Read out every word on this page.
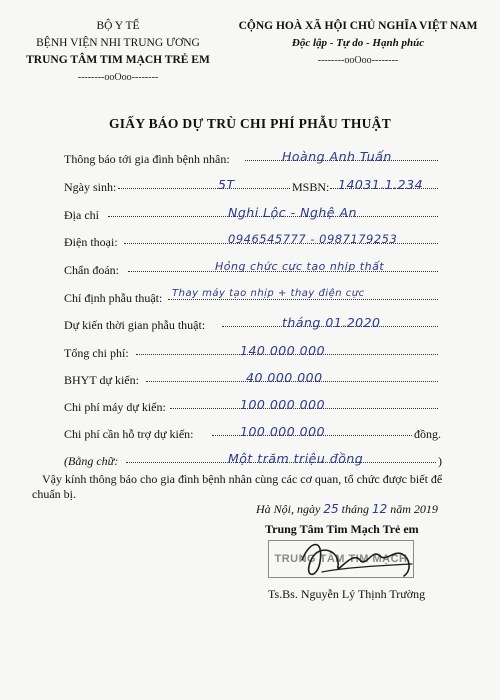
BỘ Y TẾ
BỆNH VIỆN NHI TRUNG ƯƠNG
TRUNG TÂM TIM MẠCH TRẺ EM
--------ooOoo--------
CỘNG HOÀ XÃ HỘI CHỦ NGHĨA VIỆT NAM
Độc lập - Tự do - Hạnh phúc
--------ooOoo--------
GIẤY BÁO DỰ TRÙ CHI PHÍ PHẪU THUẬT
Thông báo tới gia đình bệnh nhân:	Hoàng Anh Tuấn
Ngày sinh:	5T	MSBN: 14031.1.234
Địa chỉ	Nghi Lộc - Nghệ An
Điện thoại:	0946545777 - 0987179253
Chẩn đoán:	Hỏng chức cực tạo nhịp thất
Chỉ định phẫu thuật: Thay máy tạo nhịp + thay điện cực
Dự kiến thời gian phẫu thuật:	tháng 01.2020
Tổng chi phí:	140 000 000
BHYT dự kiến:	40 000 000
Chi phí máy dự kiến:	100 000 000
Chi phí cần hỗ trợ dự kiến:	100 000 000	đồng.
(Bằng chữ:	Một trăm triệu đồng	)
Vậy kính thông báo cho gia đình bệnh nhân cùng các cơ quan, tổ chức được biết để chuẩn bị.
Hà Nội, ngày 25 tháng 12 năm 2019
Trung Tâm Tim Mạch Trẻ em
TRUNG TÂM TIM MẠCH
Ts.Bs. Nguyễn Lý Thịnh Trường
